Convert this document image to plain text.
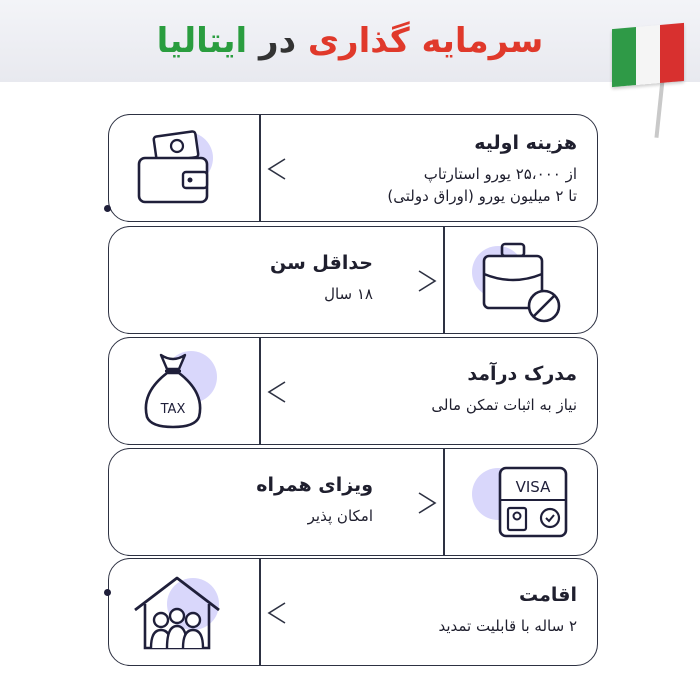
سرمایه گذاری در ایتالیا
هزینه اولیه
از ۲۵،۰۰۰ یورو استارتاپ
تا ۲ میلیون یورو (اوراق دولتی)
حداقل سن
۱۸ سال
مدرک درآمد
نیاز به اثبات تمکن مالی
TAX
ویزای همراه
امکان پذیر
VISA
اقامت
۲ ساله با قابلیت تمدید
